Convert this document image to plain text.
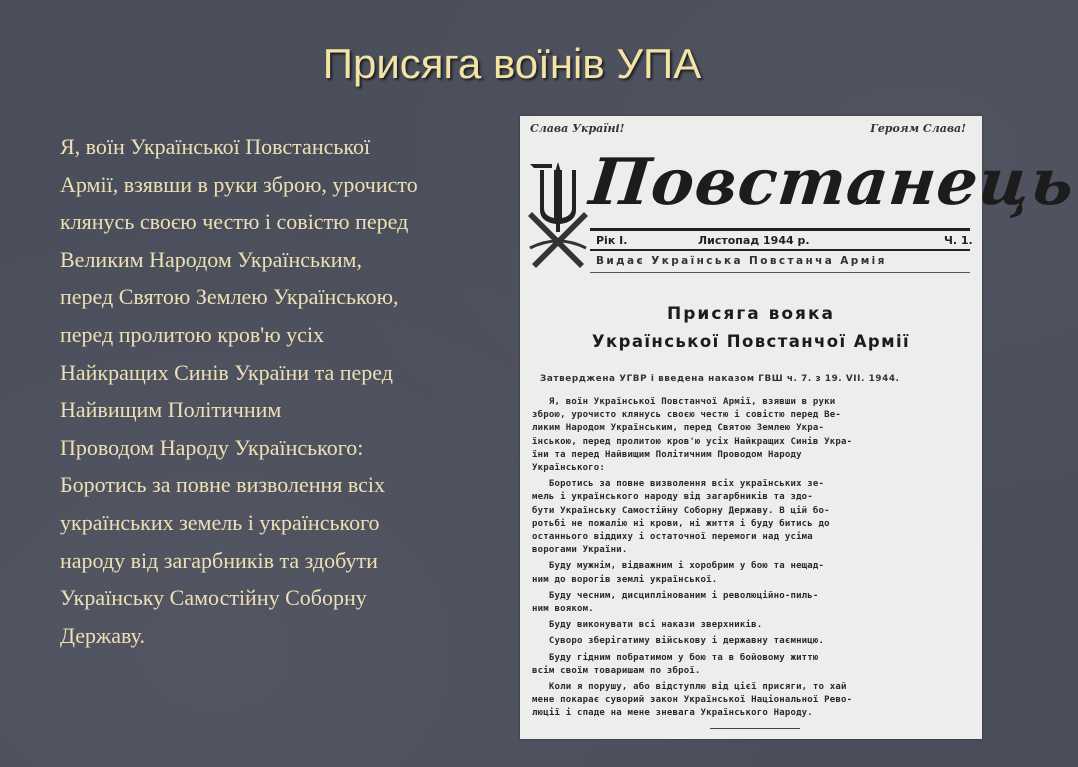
Присяга воїнів УПА
Я, воїн Української Повстанської
Армії, взявши в руки зброю, урочисто
клянусь своєю честю і совістю перед
Великим Народом Українським,
перед Святою Землею Українською,
перед пролитою кров'ю усіх
Найкращих Синів України та перед
Найвищим Політичним
Проводом Народу Українського:
Боротись за повне визволення всіх
українських земель і українського
народу від загарбників та здобути
Українську Самостійну Соборну
Державу.
Слава Україні!	Героям Слава!
Повстанець
Рік І.	Листопад 1944 р.	Ч. 1.
Видає Українська Повстанча Армія
Присяга вояка
Української Повстанчої Армії
Затверджена УГВР і введена наказом ГВШ ч. 7. з 19. VII. 1944.
Я, воїн Української Повстанчої Армії, взявши в руки
зброю, урочисто клянусь своєю честю і совістю перед Ве-
ликим Народом Українським, перед Святою Землею Укра-
їнською, перед пролитою кров'ю усіх Найкращих Синів Укра-
їни та перед Найвищим Політичним Проводом Народу
Українського:
Боротись за повне визволення всіх українських зе-
мель і українського народу від загарбників та здо-
бути Українську Самостійну Соборну Державу. В цій бо-
ротьбі не пожалію ні крови, ні життя і буду битись до
останнього віддиху і остаточної перемоги над усіма
ворогами України.
Буду мужнім, відважним і хоробрим у бою та нещад-
ним до ворогів землі української.
Буду чесним, дисциплінованим і революційно-пиль-
ним вояком.
Буду виконувати всі накази зверхників.
Суворо зберігатиму військову і державну таємницю.
Буду гідним побратимом у бою та в бойовому життю
всім своїм товаришам по зброї.
Коли я порушу, або відступлю від цієї присяги, то хай
мене покарає суворий закон Української Національної Рево-
люції і спаде на мене зневага Українського Народу.
